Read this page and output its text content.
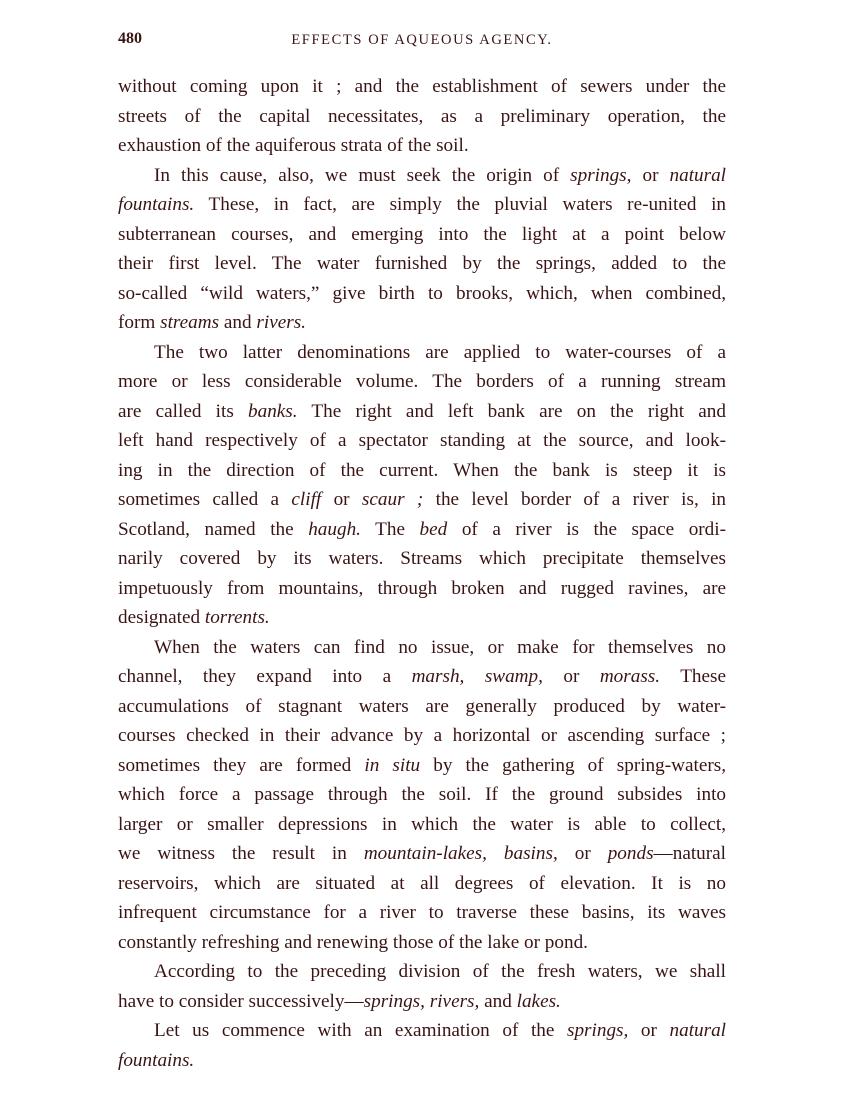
480	EFFECTS OF AQUEOUS AGENCY.
without coming upon it ; and the establishment of sewers under the
streets of the capital necessitates, as a preliminary operation, the
exhaustion of the aquiferous strata of the soil.
In this cause, also, we must seek the origin of springs, or natural
fountains. These, in fact, are simply the pluvial waters re-united in
subterranean courses, and emerging into the light at a point below
their first level. The water furnished by the springs, added to the
so-called “wild waters,” give birth to brooks, which, when combined,
form streams and rivers.
The two latter denominations are applied to water-courses of a
more or less considerable volume. The borders of a running stream
are called its banks. The right and left bank are on the right and
left hand respectively of a spectator standing at the source, and look-
ing in the direction of the current. When the bank is steep it is
sometimes called a cliff or scaur ; the level border of a river is, in
Scotland, named the haugh. The bed of a river is the space ordi-
narily covered by its waters. Streams which precipitate themselves
impetuously from mountains, through broken and rugged ravines, are
designated torrents.
When the waters can find no issue, or make for themselves no
channel, they expand into a marsh, swamp, or morass. These
accumulations of stagnant waters are generally produced by water-
courses checked in their advance by a horizontal or ascending surface ;
sometimes they are formed in situ by the gathering of spring-waters,
which force a passage through the soil. If the ground subsides into
larger or smaller depressions in which the water is able to collect,
we witness the result in mountain-lakes, basins, or ponds—natural
reservoirs, which are situated at all degrees of elevation. It is no
infrequent circumstance for a river to traverse these basins, its waves
constantly refreshing and renewing those of the lake or pond.
According to the preceding division of the fresh waters, we shall
have to consider successively—springs, rivers, and lakes.
Let us commence with an examination of the springs, or natural
fountains.
